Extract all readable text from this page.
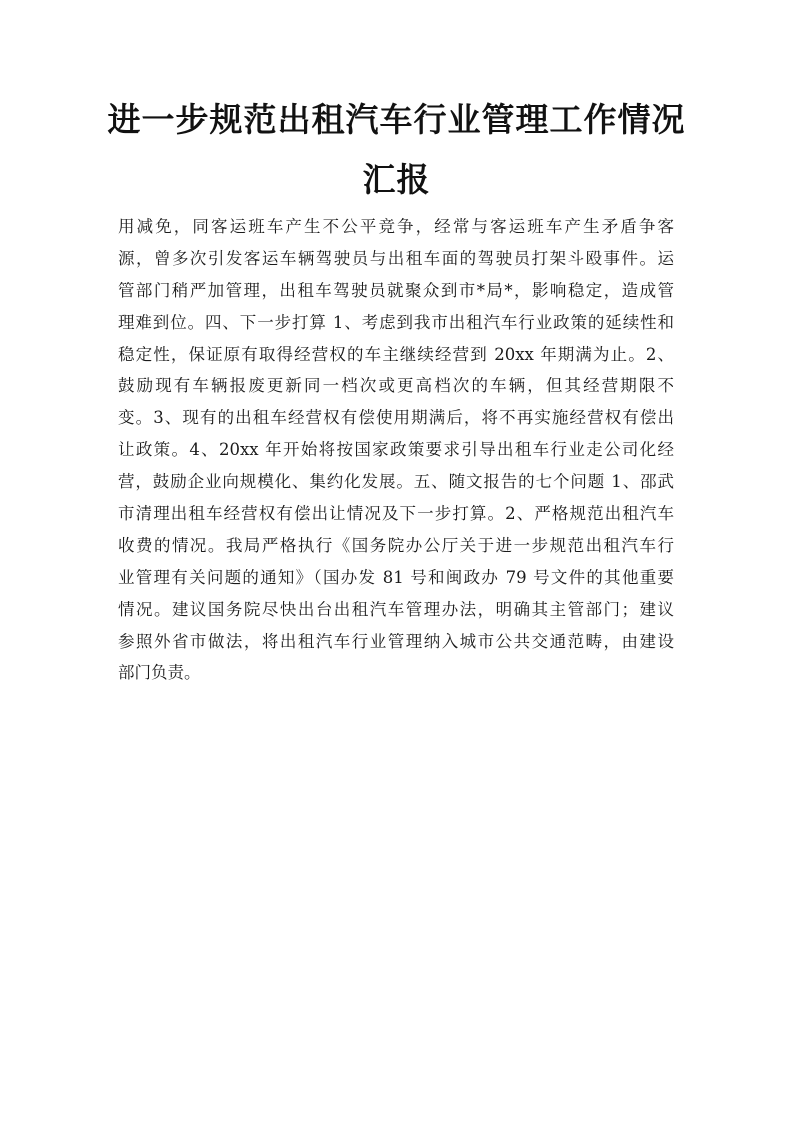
进一步规范出租汽车行业管理工作情况
汇报
用减免，同客运班车产生不公平竞争，经常与客运班车产生矛盾争客
源，曾多次引发客运车辆驾驶员与出租车面的驾驶员打架斗殴事件。运
管部门稍严加管理，出租车驾驶员就聚众到市*局*，影响稳定，造成管
理难到位。四、下一步打算 1、考虑到我市出租汽车行业政策的延续性和
稳定性，保证原有取得经营权的车主继续经营到 20xx 年期满为止。2、
鼓励现有车辆报废更新同一档次或更高档次的车辆，但其经营期限不
变。3、现有的出租车经营权有偿使用期满后，将不再实施经营权有偿出
让政策。4、20xx 年开始将按国家政策要求引导出租车行业走公司化经
营，鼓励企业向规模化、集约化发展。五、随文报告的七个问题 1、邵武
市清理出租车经营权有偿出让情况及下一步打算。2、严格规范出租汽车
收费的情况。我局严格执行《国务院办公厅关于进一步规范出租汽车行
业管理有关问题的通知》（国办发 81 号和闽政办 79 号文件的其他重要
情况。建议国务院尽快出台出租汽车管理办法，明确其主管部门；建议
参照外省市做法，将出租汽车行业管理纳入城市公共交通范畴，由建设
部门负责。
